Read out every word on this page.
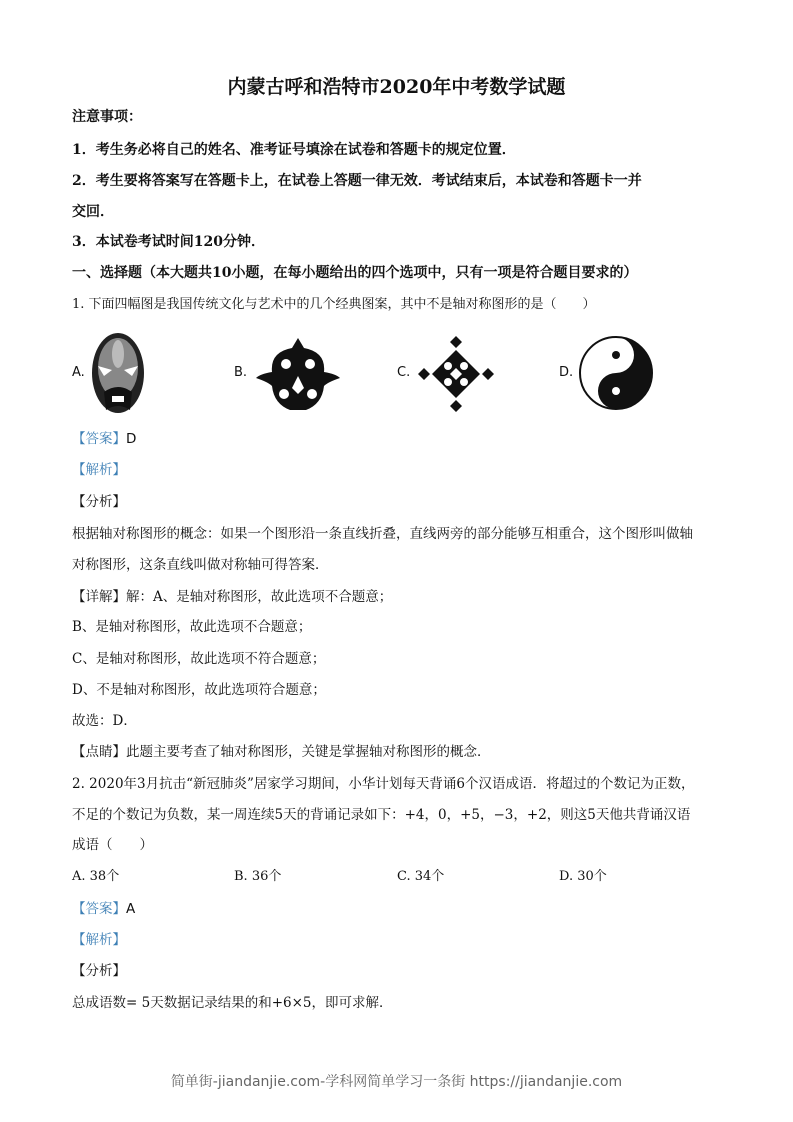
内蒙古呼和浩特市2020年中考数学试题
注意事项：
1．考生务必将自己的姓名、准考证号填涂在试卷和答题卡的规定位置．
2．考生要将答案写在答题卡上，在试卷上答题一律无效．考试结束后，本试卷和答题卡一并
交回．
3．本试卷考试时间120分钟．
一、选择题（本大题共10小题，在每小题给出的四个选项中，只有一项是符合题目要求的）
1. 下面四幅图是我国传统文化与艺术中的几个经典图案，其中不是轴对称图形的是（　　）
A.	B.	C.	D.
【答案】D
【解析】
【分析】
根据轴对称图形的概念：如果一个图形沿一条直线折叠，直线两旁的部分能够互相重合，这个图形叫做轴
对称图形，这条直线叫做对称轴可得答案．
【详解】解：A、是轴对称图形，故此选项不合题意；
B、是轴对称图形，故此选项不合题意；
C、是轴对称图形，故此选项不符合题意；
D、不是轴对称图形，故此选项符合题意；
故选：D．
【点睛】此题主要考查了轴对称图形，关键是掌握轴对称图形的概念．
2. 2020年3月抗击“新冠肺炎”居家学习期间，小华计划每天背诵6个汉语成语．将超过的个数记为正数，
不足的个数记为负数，某一周连续5天的背诵记录如下：+4，0，+5，−3，+2，则这5天他共背诵汉语
成语（　　）
A. 38个	B. 36个	C. 34个	D. 30个
【答案】A
【解析】
【分析】
总成语数= 5天数据记录结果的和+6×5，即可求解．
简单街-jiandanjie.com-学科网简单学习一条街 https://jiandanjie.com
